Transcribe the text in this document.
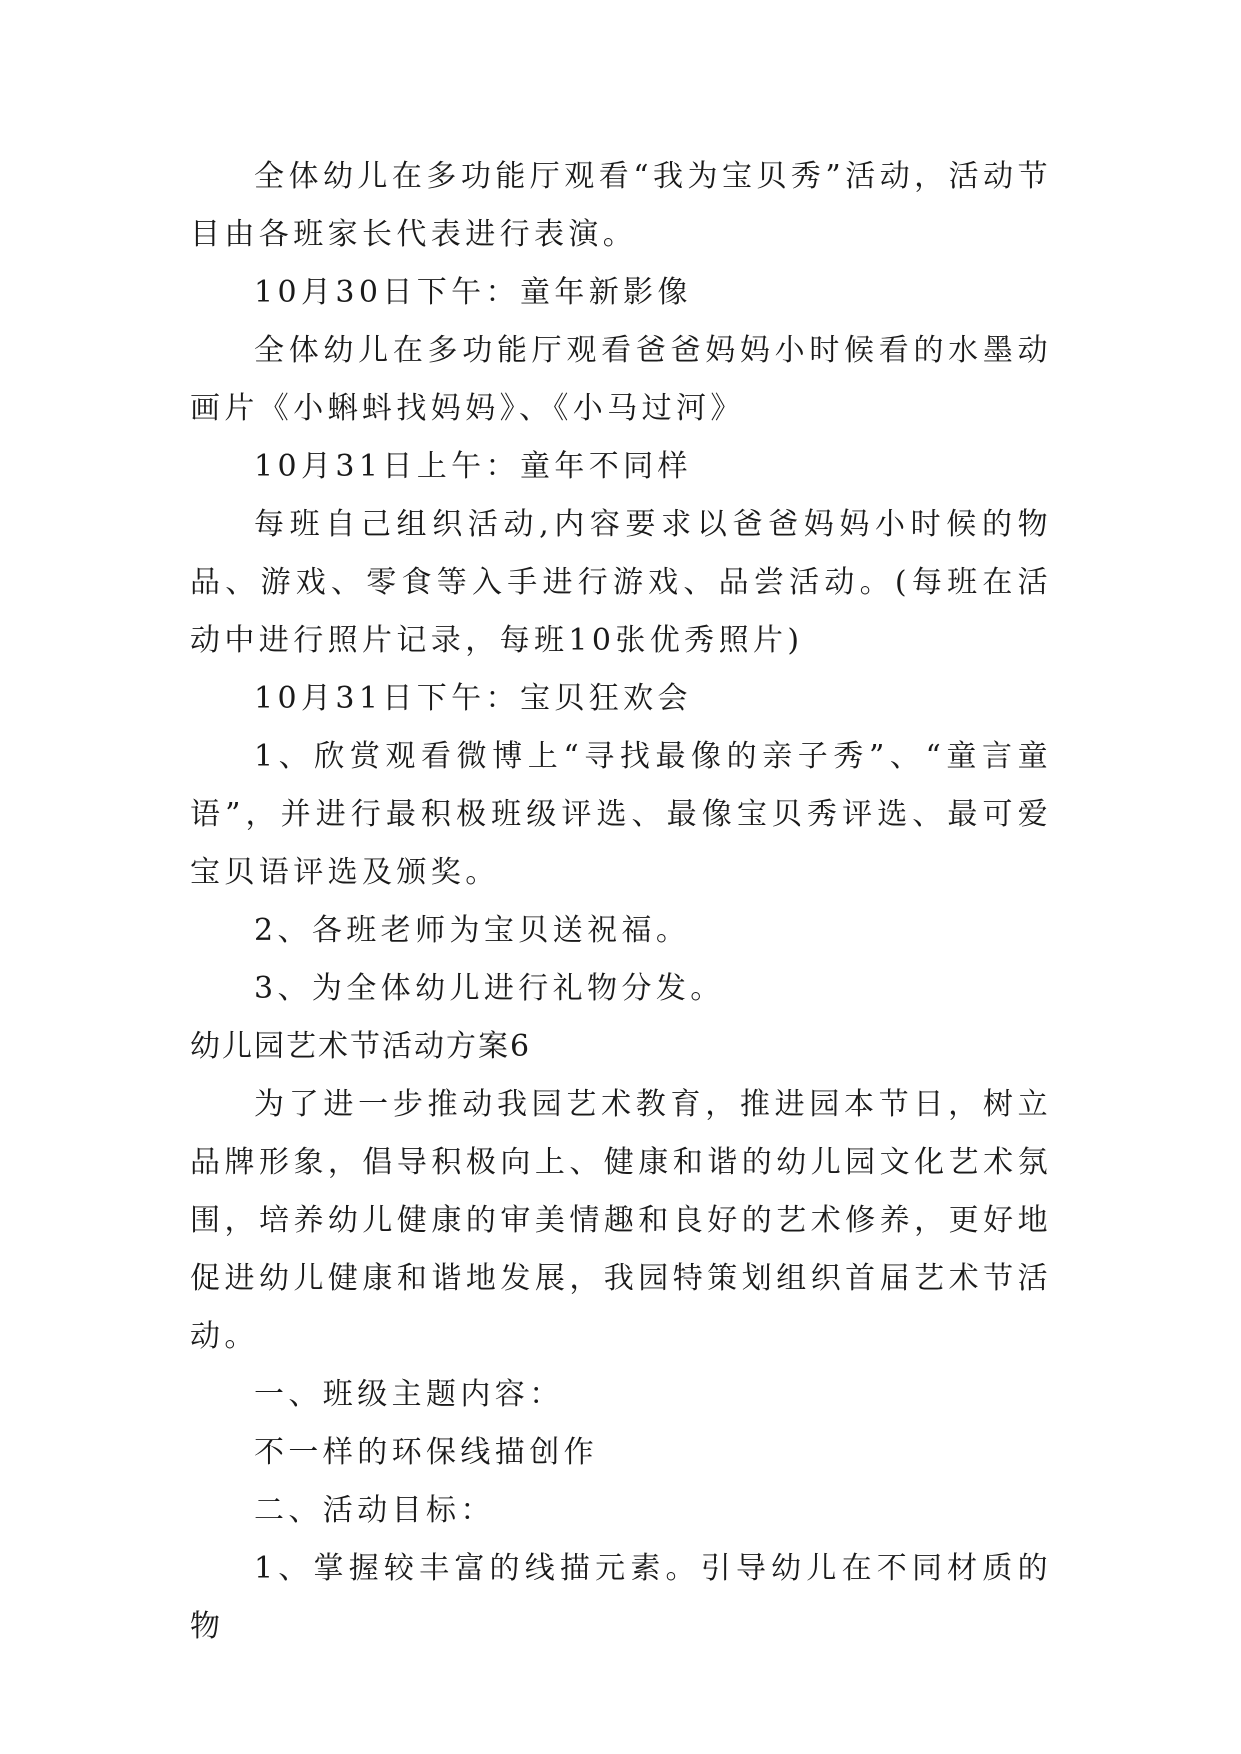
全体幼儿在多功能厅观看“我为宝贝秀”活动，活动节目由各班家长代表进行表演。

10月30日下午：童年新影像

全体幼儿在多功能厅观看爸爸妈妈小时候看的水墨动画片《小蝌蚪找妈妈》、《小马过河》

10月31日上午：童年不同样

每班自己组织活动,内容要求以爸爸妈妈小时候的物品、游戏、零食等入手进行游戏、品尝活动。(每班在活动中进行照片记录，每班10张优秀照片)

10月31日下午：宝贝狂欢会

1、欣赏观看微博上“寻找最像的亲子秀”、“童言童语”，并进行最积极班级评选、最像宝贝秀评选、最可爱宝贝语评选及颁奖。

2、各班老师为宝贝送祝福。

3、为全体幼儿进行礼物分发。

幼儿园艺术节活动方案6

为了进一步推动我园艺术教育，推进园本节日，树立品牌形象，倡导积极向上、健康和谐的幼儿园文化艺术氛围，培养幼儿健康的审美情趣和良好的艺术修养，更好地促进幼儿健康和谐地发展，我园特策划组织首届艺术节活动。

一、班级主题内容：

不一样的环保线描创作

二、活动目标：

1、掌握较丰富的线描元素。引导幼儿在不同材质的物
